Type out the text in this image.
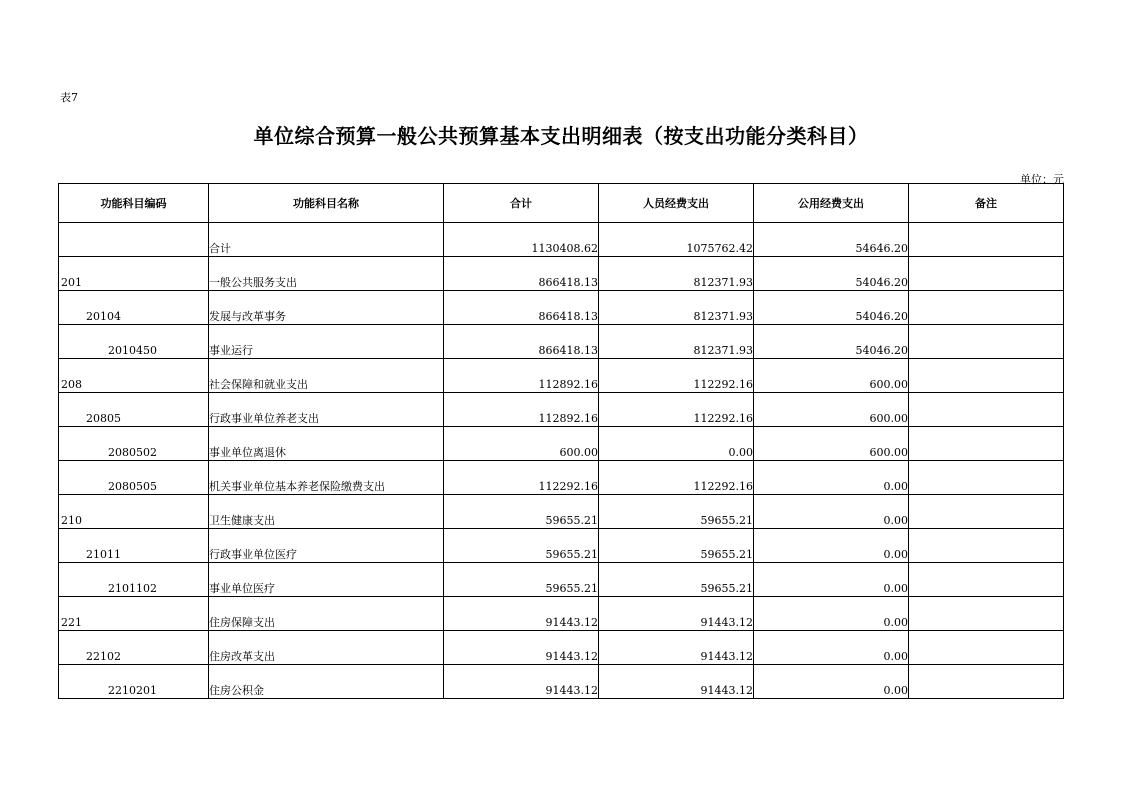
表7
单位综合预算一般公共预算基本支出明细表（按支出功能分类科目）
单位：元
功能科目编码	功能科目名称	合计	人员经费支出	公用经费支出	备注
	合计	1130408.62	1075762.42	54646.20	
201	一般公共服务支出	866418.13	812371.93	54046.20	
20104	发展与改革事务	866418.13	812371.93	54046.20	
2010450	事业运行	866418.13	812371.93	54046.20	
208	社会保障和就业支出	112892.16	112292.16	600.00	
20805	行政事业单位养老支出	112892.16	112292.16	600.00	
2080502	事业单位离退休	600.00	0.00	600.00	
2080505	机关事业单位基本养老保险缴费支出	112292.16	112292.16	0.00	
210	卫生健康支出	59655.21	59655.21	0.00	
21011	行政事业单位医疗	59655.21	59655.21	0.00	
2101102	事业单位医疗	59655.21	59655.21	0.00	
221	住房保障支出	91443.12	91443.12	0.00	
22102	住房改革支出	91443.12	91443.12	0.00	
2210201	住房公积金	91443.12	91443.12	0.00	
